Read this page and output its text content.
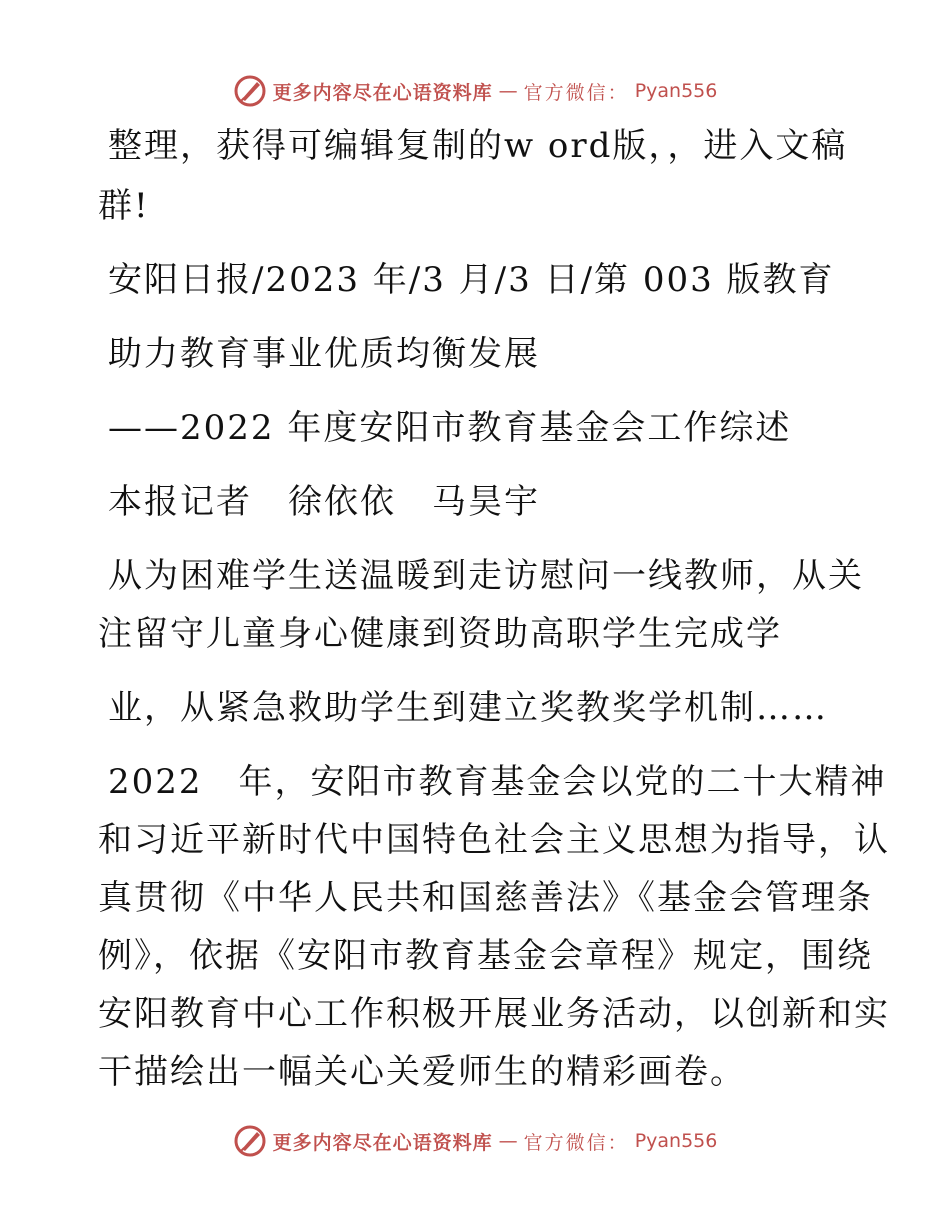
更多内容尽在心语资料库 — 官方微信： Pyan556
整理，获得可编辑复制的w ord版，，进入文稿
群!
安阳日报/2023 年/3 月/3 日/第 003 版教育
助力教育事业优质均衡发展
——2022 年度安阳市教育基金会工作综述
本报记者　徐依依　马昊宇
从为困难学生送温暖到走访慰问一线教师，从关
注留守儿童身心健康到资助高职学生完成学
业，从紧急救助学生到建立奖教奖学机制……
2022　年，安阳市教育基金会以党的二十大精神
和习近平新时代中国特色社会主义思想为指导，认
真贯彻《中华人民共和国慈善法》《基金会管理条
例》，依据《安阳市教育基金会章程》规定，围绕
安阳教育中心工作积极开展业务活动，以创新和实
干描绘出一幅关心关爱师生的精彩画卷。
更多内容尽在心语资料库 — 官方微信： Pyan556
